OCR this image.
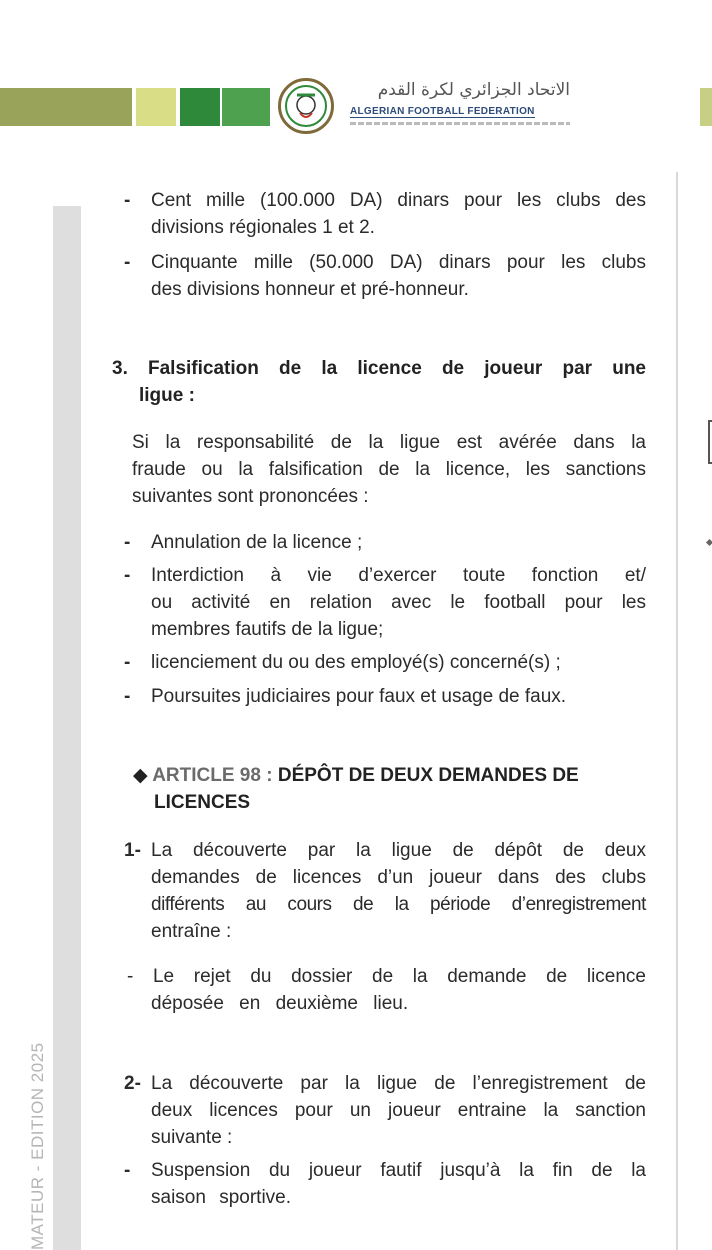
الاتحاد الجزائري لكرة القدم
ALGERIAN FOOTBALL FEDERATION
MATEUR - EDITION 2025
- Cent mille (100.000 DA) dinars pour les clubs des
divisions régionales 1 et 2.
- Cinquante mille (50.000 DA) dinars pour les clubs
des divisions honneur et pré-honneur.
3. Falsification de la licence de joueur par une
ligue :
Si la responsabilité de la ligue est avérée dans la
fraude ou la falsification de la licence, les sanctions
suivantes sont prononcées :
- Annulation de la licence ;
- Interdiction à vie d’exercer toute fonction et/
ou activité en relation avec le football pour les
membres fautifs de la ligue;
- licenciement du ou des employé(s) concerné(s) ;
- Poursuites judiciaires pour faux et usage de faux.
◆ ARTICLE 98 : DÉPÔT DE DEUX DEMANDES DE
LICENCES
1- La découverte par la ligue de dépôt de deux
demandes de licences d’un joueur dans des clubs
différents au cours de la période d’enregistrement
entraîne :
- Le rejet du dossier de la demande de licence
déposée en deuxième lieu.
2- La découverte par la ligue de l’enregistrement de
deux licences pour un joueur entraine la sanction
suivante :
- Suspension du joueur fautif jusqu’à la fin de la
saison sportive.
